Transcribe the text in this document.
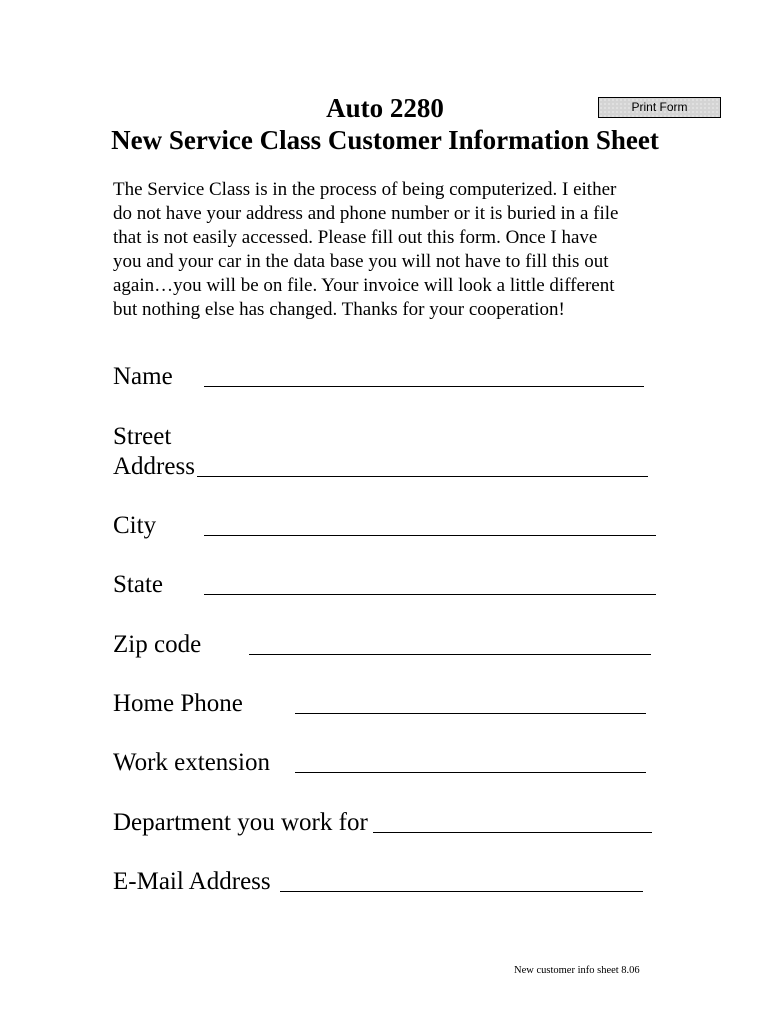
Auto 2280
New Service Class Customer Information Sheet
Print Form
The Service Class is in the process of being computerized. I either
do not have your address and phone number or it is buried in a file
that is not easily accessed. Please fill out this form. Once I have
you and your car in the data base you will not have to fill this out
again…you will be on file. Your invoice will look a little different
but nothing else has changed. Thanks for your cooperation!
Name
Street
Address
City
State
Zip code
Home Phone
Work extension
Department you work for
E-Mail Address
New customer info sheet 8.06
